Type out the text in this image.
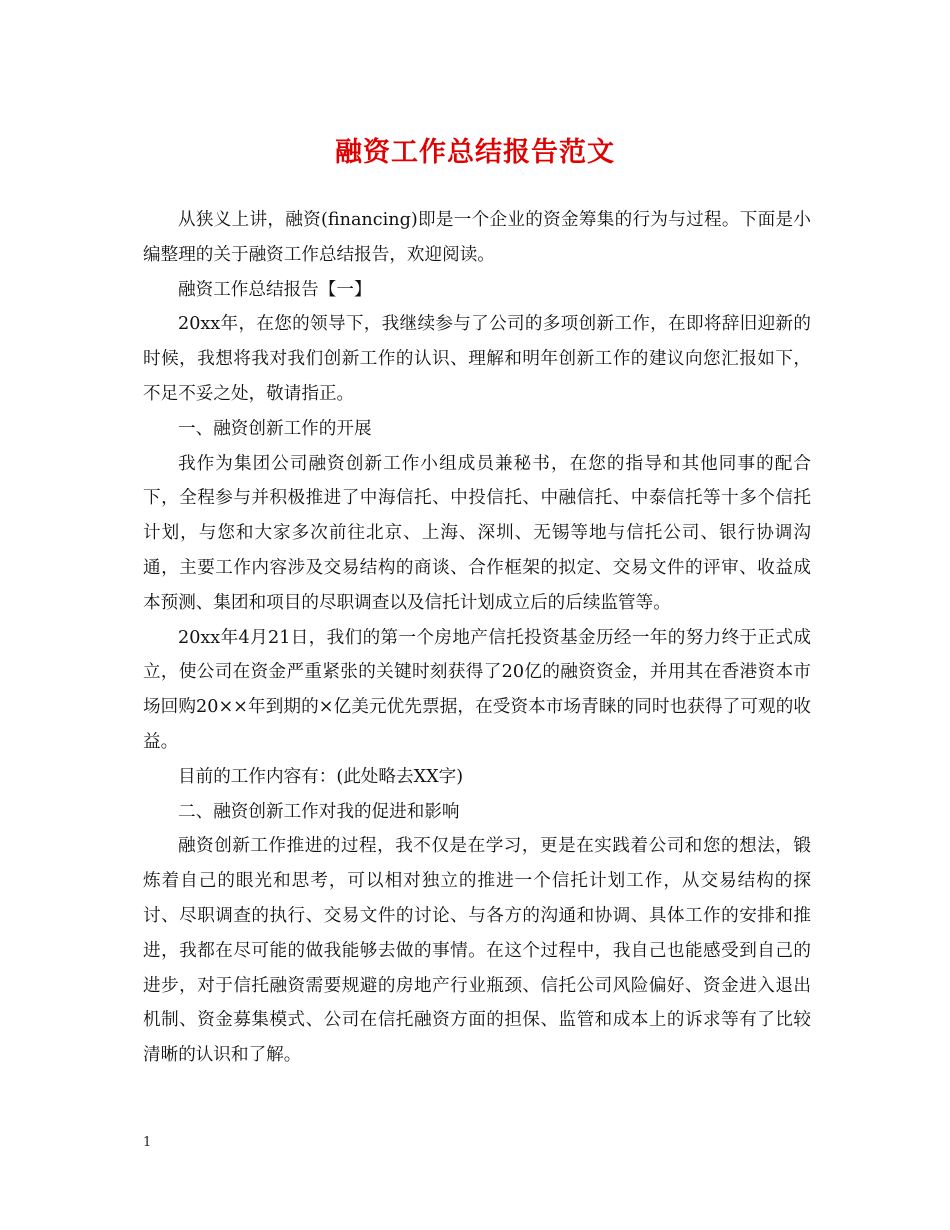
融资工作总结报告范文

从狭义上讲，融资(financing)即是一个企业的资金筹集的行为与过程。下面是小编整理的关于融资工作总结报告，欢迎阅读。

融资工作总结报告【一】

20xx年，在您的领导下，我继续参与了公司的多项创新工作，在即将辞旧迎新的时候，我想将我对我们创新工作的认识、理解和明年创新工作的建议向您汇报如下，不足不妥之处，敬请指正。

一、融资创新工作的开展

我作为集团公司融资创新工作小组成员兼秘书，在您的指导和其他同事的配合下，全程参与并积极推进了中海信托、中投信托、中融信托、中泰信托等十多个信托计划，与您和大家多次前往北京、上海、深圳、无锡等地与信托公司、银行协调沟通，主要工作内容涉及交易结构的商谈、合作框架的拟定、交易文件的评审、收益成本预测、集团和项目的尽职调查以及信托计划成立后的后续监管等。

20xx年4月21日，我们的第一个房地产信托投资基金历经一年的努力终于正式成立，使公司在资金严重紧张的关键时刻获得了20亿的融资资金，并用其在香港资本市场回购20××年到期的×亿美元优先票据，在受资本市场青睐的同时也获得了可观的收益。

目前的工作内容有：(此处略去XX字)

二、融资创新工作对我的促进和影响

融资创新工作推进的过程，我不仅是在学习，更是在实践着公司和您的想法，锻炼着自己的眼光和思考，可以相对独立的推进一个信托计划工作，从交易结构的探讨、尽职调查的执行、交易文件的讨论、与各方的沟通和协调、具体工作的安排和推进，我都在尽可能的做我能够去做的事情。在这个过程中，我自己也能感受到自己的进步，对于信托融资需要规避的房地产行业瓶颈、信托公司风险偏好、资金进入退出机制、资金募集模式、公司在信托融资方面的担保、监管和成本上的诉求等有了比较清晰的认识和了解。

1
